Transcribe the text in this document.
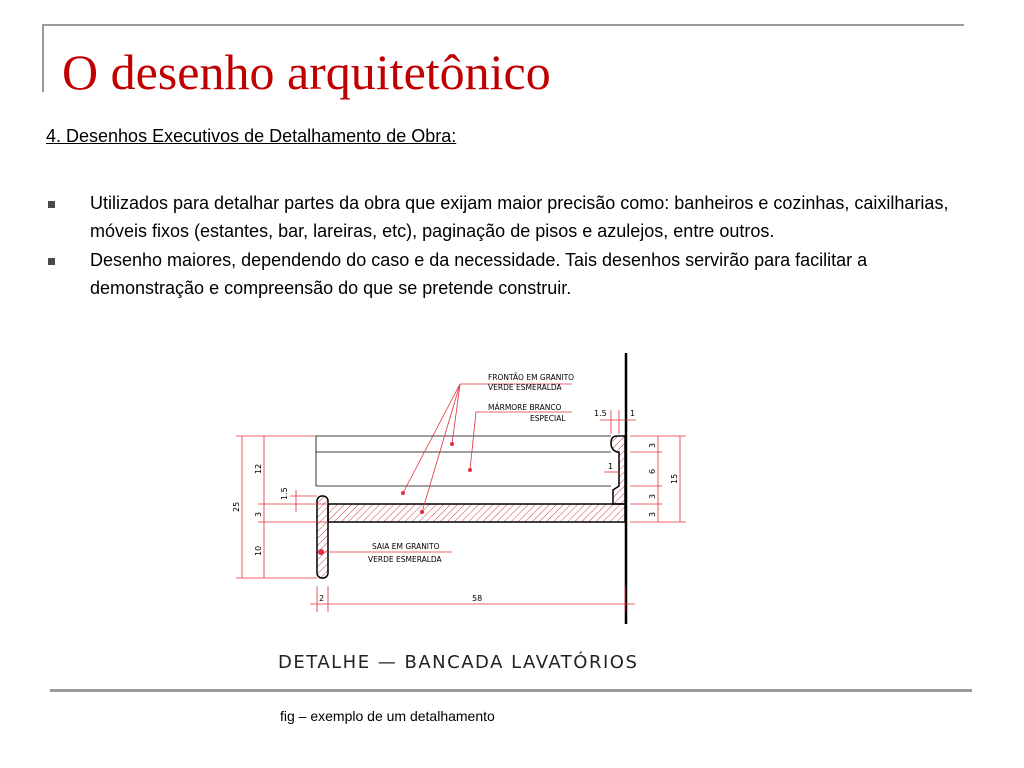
O desenho arquitetônico
4. Desenhos Executivos de Detalhamento de Obra:
Utilizados para detalhar partes da obra que exijam maior precisão como: banheiros e cozinhas, caixilharias, móveis fixos (estantes, bar, lareiras, etc), paginação de pisos e azulejos, entre outros.
Desenho maiores, dependendo do caso e da necessidade. Tais desenhos servirão para facilitar a demonstração e compreensão do que se pretende construir.
FRONTÃO EM GRANITO
VERDE ESMERALDA
MÁRMORE BRANCO
ESPECIAL
SAIA EM GRANITO
VERDE ESMERALDA
1.5	1
1
58
2
3
6
3
3
15
25
12
1.5
3
10
DETALHE — BANCADA LAVATÓRIOS
fig – exemplo de um detalhamento
